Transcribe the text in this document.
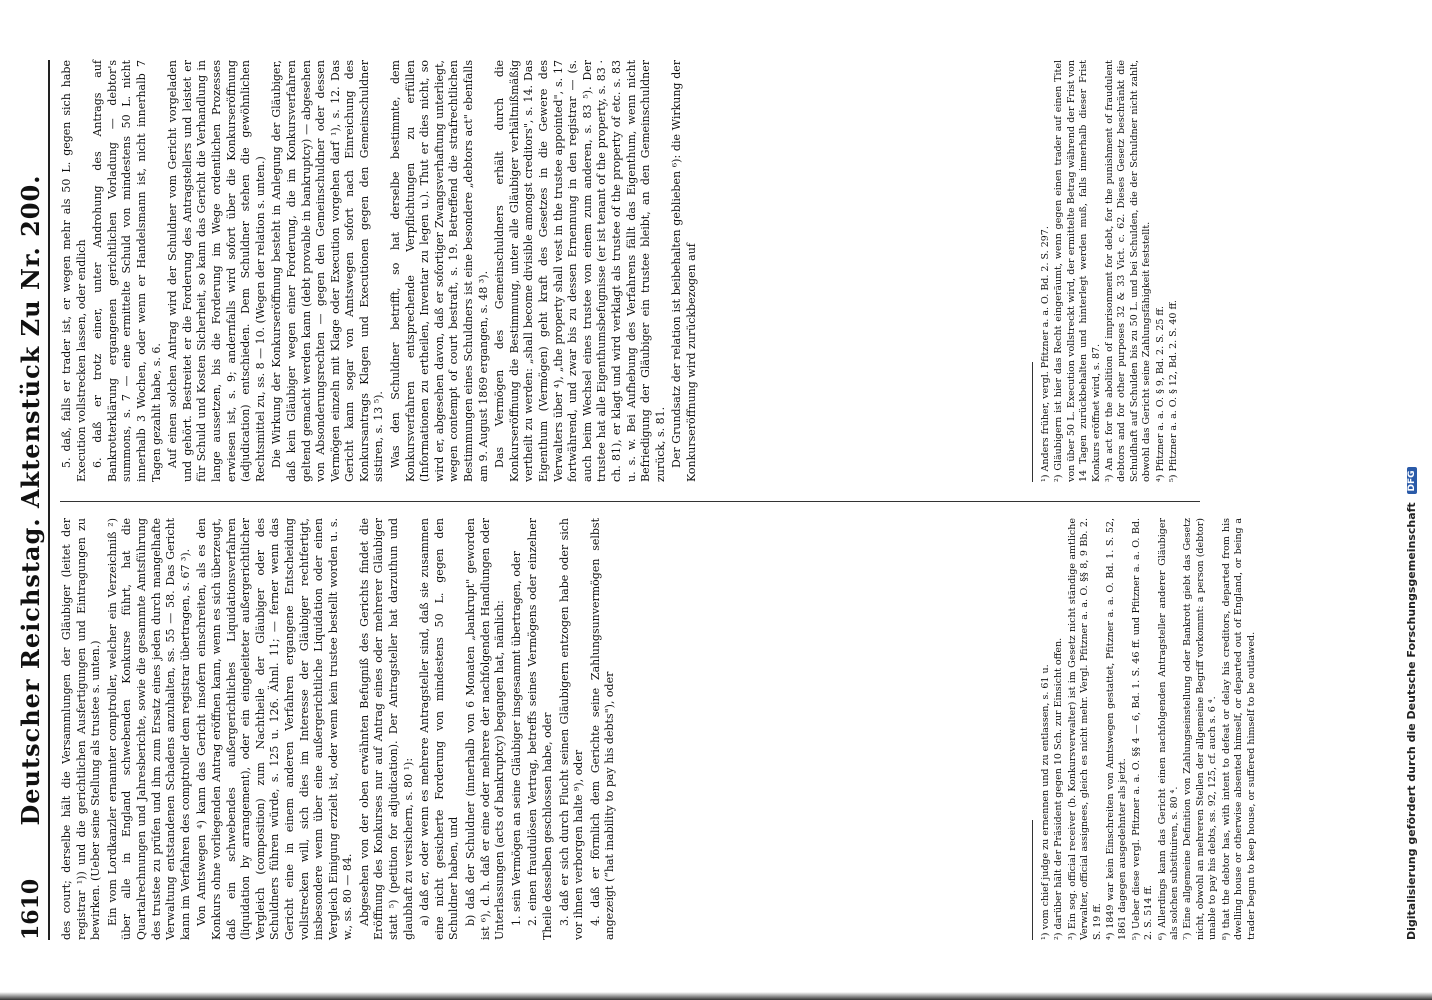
1610
Deutscher Reichstag. Aktenstück Zu Nr. 200. des court; derselbe hält die Versammlungen der Gläubiger (leitet der registrar ¹)) und die gerichtlichen Ausfertigungen und Eintragungen zu bewirken. (Ueber seine Stellung als trustee s. unten.) Ein vom Lordkanzler ernannter comptroller, welcher ein Verzeichniß ²) über alle in England schwebenden Konkurse führt, hat die Quartalrechnungen und Jahresberichte, sowie die gesammte Amtsführung des trustee zu prüfen und ihm zum Ersatz eines jeden durch mangelhafte Verwaltung entstandenen Schadens anzuhalten, ss. 55 — 58. Das Gericht kann im Verfahren des comptroller dem registrar übertragen, s. 67 ³). Von Amtswegen ⁴) kann das Gericht insofern einschreiten, als es den Konkurs ohne vorliegenden Antrag eröffnen kann, wenn es sich überzeugt, daß ein schwebendes außergerichtliches Liquidationsverfahren (liquidation by arrangement), oder ein eingeleiteter außergerichtlicher Vergleich (composition) zum Nachtheile der Gläubiger oder des Schuldners führen würde, s. 125 u. 126. Ähnl. 11; — ferner wenn das Gericht eine in einem anderen Verfahren ergangene Entscheidung vollstrecken will, sich dies im Interesse der Gläubiger rechtfertigt, insbesondere wenn über eine außergerichtliche Liquidation oder einen Vergleich Einigung erzielt ist, oder wenn kein trustee bestellt worden u. s. w., ss. 80 — 84. Abgesehen von der oben erwähnten Befugniß des Gerichts findet die Eröffnung des Konkurses nur auf Antrag eines oder mehrerer Gläubiger statt ⁵) (petition for adjudication). Der Antragsteller hat darzuthun und glaubhaft zu versichern, s. 80 ¹): a) daß er, oder wenn es mehrere Antragsteller sind, daß sie zusammen eine nicht gesicherte Forderung von mindestens 50 L. gegen den Schuldner haben, und b) daß der Schuldner (innerhalb von 6 Monaten „bankrupt" geworden ist ⁶), d. h. daß er eine oder mehrere der nachfolgenden Handlungen oder Unterlassungen (acts of bankruptcy) begangen hat, nämlich: 1. sein Vermögen an seine Gläubiger insgesammt übertragen, oder 2. einen fraudulösen Vertrag, betreffs seines Vermögens oder einzelner Theile desselben geschlossen habe, oder 3. daß er sich durch Flucht seinen Gläubigern entzogen habe oder sich vor ihnen verborgen halte ⁹), oder 4. daß er förmlich dem Gerichte seine Zahlungsunvermögen selbst angezeigt (“hat inability to pay his debts"), oder

5. daß, falls er trader ist, er wegen mehr als 50 L. gegen sich habe Execution vollstrecken lassen, oder endlich 6. daß er trotz einer, unter Androhung des Antrags auf Bankrotterklärung ergangenen gerichtlichen Vorladung — debtor's summons, s. 7 — eine ermittelte Schuld von mindestens 50 L. nicht innerhalb 3 Wochen, oder wenn er Handelsmann ist, nicht innerhalb 7 Tagen gezahlt habe, s. 6. Auf einen solchen Antrag wird der Schuldner vom Gericht vorgeladen und gehört. Bestreitet er die Forderung des Antragstellers und leistet er für Schuld und Kosten Sicherheit, so kann das Gericht die Verhandlung in lange aussetzen, bis die Forderung im Wege ordentlichen Prozesses erwiesen ist, s. 9; andernfalls wird sofort über die Konkurseröffnung (adjudication) entschieden. Dem Schuldner stehen die gewöhnlichen Rechtsmittel zu, ss. 8 — 10. (Wegen der relation s. unten.) Die Wirkung der Konkurseröffnung besteht in Anlegung der Gläubiger, daß kein Gläubiger wegen einer Forderung, die im Konkursverfahren geltend gemacht werden kann (debt provable in bankruptcy) — abgesehen von Absonderungsrechten — gegen den Gemeinschuldner oder dessen Vermögen einzeln mit Klage oder Execution vorgehen darf ¹), s. 12. Das Gericht kann sogar von Amtswegen sofort nach Einreichung des Konkursantrags Klagen und Executionen gegen den Gemeinschuldner sistiren, s. 13 ⁵). Was den Schuldner betrifft, so hat derselbe bestimmte, dem Konkursverfahren entsprechende Verpflichtungen zu erfüllen (Informationen zu ertheilen, Inventar zu legen u.). Thut er dies nicht, so wird er, abgesehen davon, daß er sofortiger Zwangsverhaftung unterliegt, wegen contempt of court bestraft, s. 19. Betreffend die strafrechtlichen Bestimmungen eines Schuldners ist eine besondere „debtors act" ebenfalls am 9. August 1869 ergangen, s. 48 ³). Das Vermögen des Gemeinschuldners erhält durch die Konkurseröffnung die Bestimmung, unter alle Gläubiger verhältnißmäßig vertheilt zu werden: „shall become divisible amongst creditors", s. 14. Das Eigenthum (Vermögen) geht kraft des Gesetzes in die Gewere des Verwalters über ⁴), „the property shall vest in the trustee appointed", s. 17 fortwährend, und zwar bis zu dessen Ernennung in den registrar — (s. auch beim Wechsel eines trustee von einem zum anderen, s. 83 ⁵). Der trustee hat alle Eigenthumsbefugnisse (er ist tenant of the property, s. 83 · ch. 81), er klagt und wird verklagt als trustee of the property of etc. s. 83 u. s. w. Bei Aufhebung des Verfahrens fällt das Eigenthum, wenn nicht Befriedigung der Gläubiger ein trustee bleibt, an den Gemeinschuldner zurück, s. 81. Der Grundsatz der relation ist beibehalten geblieben ⁶): die Wirkung der Konkurseröffnung wird zurückbezogen auf

¹) vom chief judge zu ernennen und zu entlassen, s. 61 u. ²) darüber hält der Präsident gegen 10 Sch. zur Einsicht offen. ³) Ein sog. official receiver (b. Konkursverwalter) ist im Gesetz nicht ständige amtliche Verwalter, official assignees, gleich es nicht mehr. Vergl. Pfitzner a. a. O. §§ 8, 9 Bb. 2. S. 19 ff. ⁴) 1849 war kein Einschreiten von Amtswegen gestattet, Pfitzner a. a. O. Bd. 1. S. 52, 1861 dagegen ausgedehnter als jetzt. ⁵) Ueber diese vergl. Pfitzner a. a. O. §§ 4 — 6, Bd. 1. S. 46 ff. und Pfitzner a. a. O. Bd. 2. S. 514 ff. ⁶) Allerdings kann das Gericht einen nachfolgenden Antragsteller anderer Gläubiger als solchen substituiren, s. 80 ⁴. ⁷) Eine allgemeine Definition von Zahlungseinstellung oder Bankrott giebt das Gesetz nicht, obwohl an mehreren Stellen der allgemeine Begriff vorkommt: a person (debtor) unable to pay his debts, ss. 92, 125, cf. auch s. 6 ⁴. ⁸) that the debtor has, with intent to defeat or delay his creditors, departed from his dwelling house or otherwise absented himself, or departed out of England, or being a trader begun to keep house, or suffered himself to be outlawed.
¹) Anders früher, vergl. Pfitzner a. a. O. Bd. 2. S. 297. ²) Gläubigern ist hier das Recht eingeräumt, wenn gegen einen trader auf einen Titel von über 50 L. Execution vollstreckt wird, der ermittelte Betrag während der Frist von 14 Tagen zurückbehalten und hinterlegt werden muß, falls innerhalb dieser Frist Konkurs eröffnet wird, s. 87. ³) An act for the abolition of imprisonment for debt, for the punishment of fraudulent debtors and for other purposes 32 & 33 Vict. c. 62. Dieses Gesetz beschränkt die Schuldhaft auf Schulden bis zu 50 L. und bei Schulden, die der Schuldner nicht zahlt, obwohl das Gericht seine Zahlungsfähigkeit feststellt. ⁴) Pfitzner a. a. O. § 9, Bd. 2. S. 25 ff. ⁵) Pfitzner a. a. O. § 12, Bd. 2. S. 40 ff.
Digitalisierung gefördert durch die Deutsche Forschungsgemeinschaft DFG
